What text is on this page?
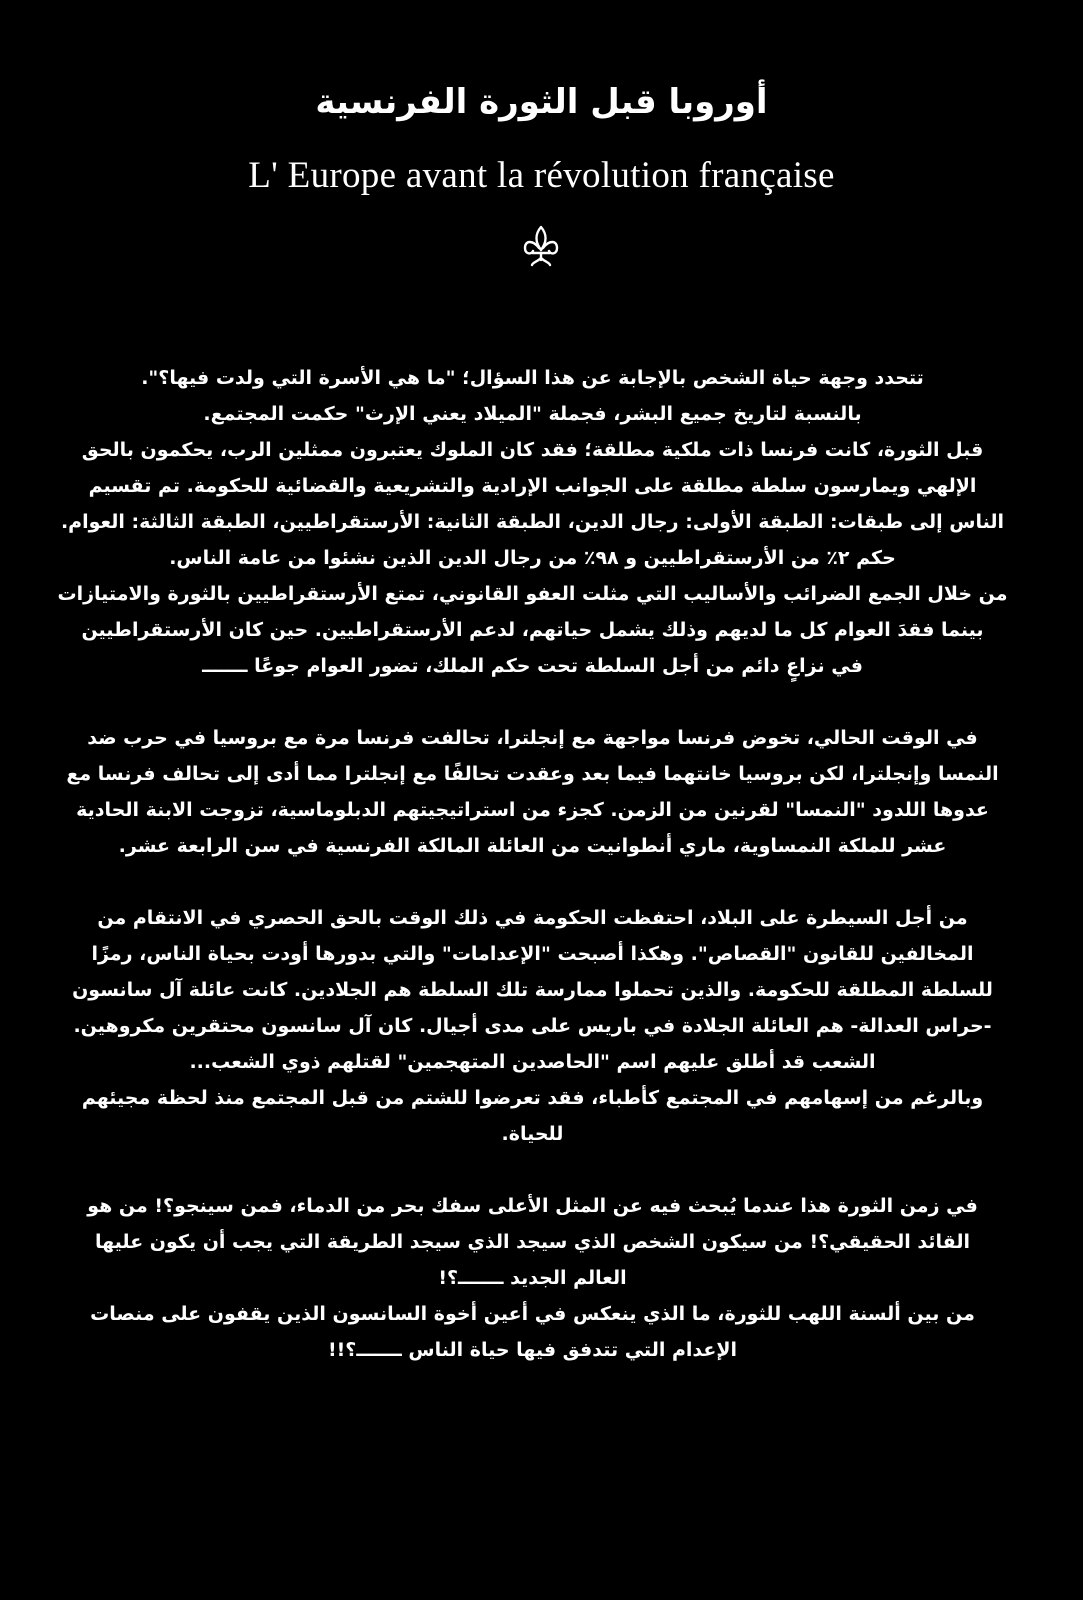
أوروبا قبل الثورة الفرنسية
L' Europe avant la révolution française

تتحدد وجهة حياة الشخص بالإجابة عن هذا السؤال؛ "ما هي الأسرة التي ولدت فيها؟".
بالنسبة لتاريخ جميع البشر، فجملة "الميلاد يعني الإرث" حكمت المجتمع.
قبل الثورة، كانت فرنسا ذات ملكية مطلقة؛ فقد كان الملوك يعتبرون ممثلين الرب، يحكمون بالحق
الإلهي ويمارسون سلطة مطلقة على الجوانب الإرادية والتشريعية والقضائية للحكومة. تم تقسيم
الناس إلى طبقات: الطبقة الأولى: رجال الدين، الطبقة الثانية: الأرستقراطيين، الطبقة الثالثة: العوام.
حكم ٢٪ من الأرستقراطيين و ٩٨٪ من رجال الدين الذين نشئوا من عامة الناس.
من خلال الجمع الضرائب والأساليب التي مثلت العفو القانوني، تمتع الأرستقراطيين بالثورة والامتيازات
بينما فقدَ العوام كل ما لديهم وذلك يشمل حياتهم، لدعم الأرستقراطيين. حين كان الأرستقراطيين
في نزاعٍ دائم من أجل السلطة تحت حكم الملك، تضور العوام جوعًا ـــــــ

في الوقت الحالي، تخوض فرنسا مواجهة مع إنجلترا، تحالفت فرنسا مرة مع بروسيا في حرب ضد
النمسا وإنجلترا، لكن بروسيا خانتهما فيما بعد وعقدت تحالفًا مع إنجلترا مما أدى إلى تحالف فرنسا مع
عدوها اللدود "النمسا" لقرنين من الزمن. كجزء من استراتيجيتهم الدبلوماسية، تزوجت الابنة الحادية
عشر للملكة النمساوية، ماري أنطوانيت من العائلة المالكة الفرنسية في سن الرابعة عشر.

من أجل السيطرة على البلاد، احتفظت الحكومة في ذلك الوقت بالحق الحصري في الانتقام من
المخالفين للقانون "القصاص". وهكذا أصبحت "الإعدامات" والتي بدورها أودت بحياة الناس، رمزًا
للسلطة المطلقة للحكومة. والذين تحملوا ممارسة تلك السلطة هم الجلادين. كانت عائلة آل سانسون
-حراس العدالة- هم العائلة الجلادة في باريس على مدى أجيال. كان آل سانسون محتقرين مكروهين.
الشعب قد أطلق عليهم اسم "الحاصدين المتهجمين" لقتلهم ذوي الشعب...
وبالرغم من إسهامهم في المجتمع كأطباء، فقد تعرضوا للشتم من قبل المجتمع منذ لحظة مجيئهم
للحياة.

في زمن الثورة هذا عندما يُبحث فيه عن المثل الأعلى سفك بحر من الدماء، فمن سينجو؟! من هو
القائد الحقيقي؟! من سيكون الشخص الذي سيجد الذي سيجد الطريقة التي يجب أن يكون عليها
العالم الجديد ـــــــ؟!
من بين ألسنة اللهب للثورة، ما الذي ينعكس في أعين أخوة السانسون الذين يقفون على منصات
الإعدام التي تتدفق فيها حياة الناس ـــــــ؟!!
